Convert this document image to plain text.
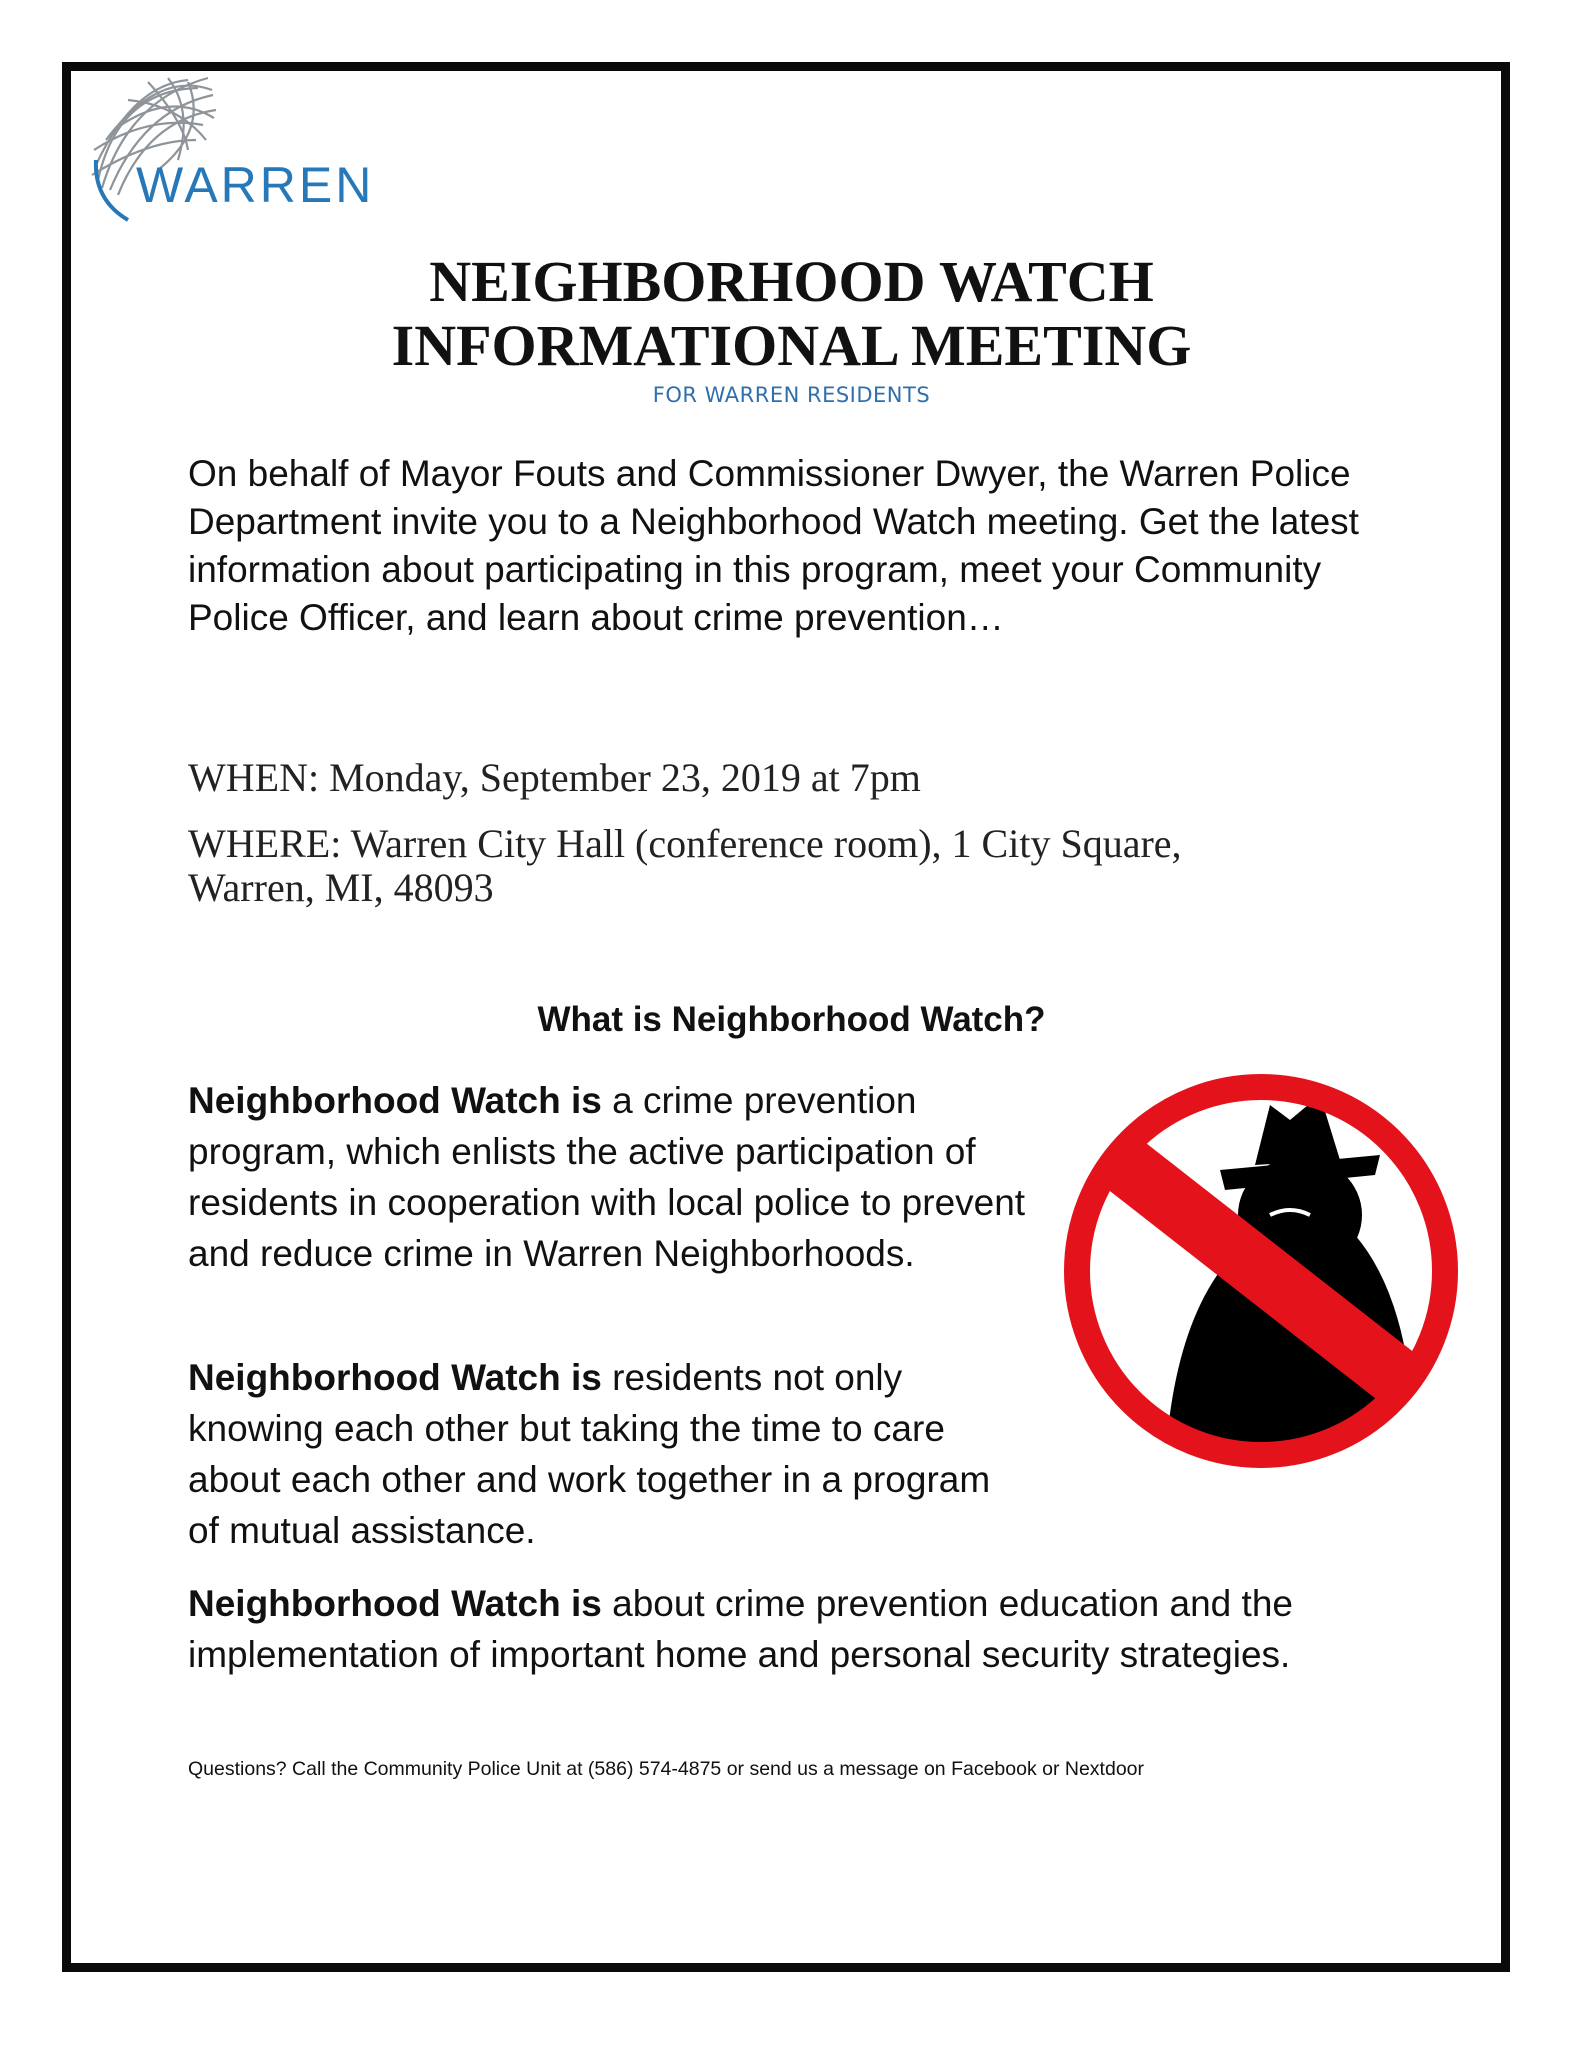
WARREN
NEIGHBORHOOD WATCH
INFORMATIONAL MEETING
FOR WARREN RESIDENTS
On behalf of Mayor Fouts and Commissioner Dwyer, the Warren Police Department invite you to a Neighborhood Watch meeting. Get the latest information about participating in this program, meet your Community Police Officer, and learn about crime prevention…
WHEN: Monday, September 23, 2019 at 7pm
WHERE: Warren City Hall (conference room), 1 City Square,
Warren, MI, 48093
What is Neighborhood Watch?
Neighborhood Watch is a crime prevention program, which enlists the active participation of residents in cooperation with local police to prevent and reduce crime in Warren Neighborhoods.
Neighborhood Watch is residents not only knowing each other but taking the time to care about each other and work together in a program of mutual assistance.
Neighborhood Watch is about crime prevention education and the implementation of important home and personal security strategies.
Questions? Call the Community Police Unit at (586) 574-4875 or send us a message on Facebook or Nextdoor
